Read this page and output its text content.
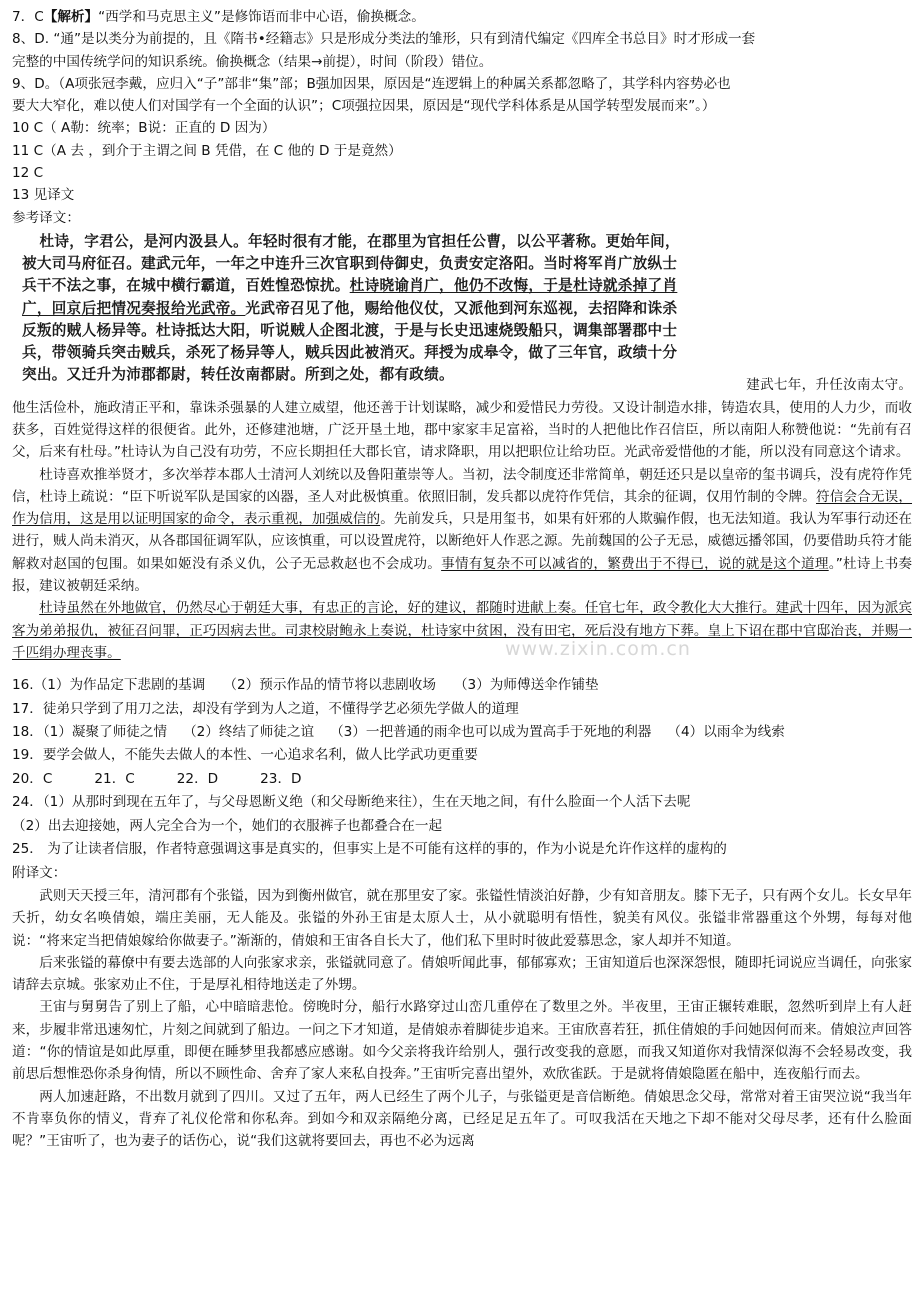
7．C【解析】“西学和马克思主义”是修饰语而非中心语，偷换概念。
8、D. “通”是以类分为前提的，且《隋书•经籍志》只是形成分类法的雏形，只有到清代编定《四库全书总目》时才形成一套
完整的中国传统学问的知识系统。偷换概念（结果→前提），时间（阶段）错位。
9、D。（A项张冠李戴，应归入“子”部非“集”部；B强加因果，原因是“连逻辑上的种属关系都忽略了，其学科内容势必也
要大大窄化，难以使人们对国学有一个全面的认识”；C项强拉因果，原因是“现代学科体系是从国学转型发展而来”。）
10 C（ A勒：统率；B说：正直的 D 因为）
11 C（A 去 ，到介于主谓之间 B 凭借，在 C 他的 D 于是竟然）
12 C
13 见译文
参考译文：
杜诗，字君公，是河内汲县人。年轻时很有才能，在郡里为官担任公曹，以公平著称。更始年间，被大司马府征召。建武元年，一年之中连升三次官职到侍御史，负责安定洛阳。当时将军肖广放纵士兵干不法之事，在城中横行霸道，百姓惶恐惊扰。杜诗晓谕肖广，他仍不改悔，于是杜诗就杀掉了肖广，回京后把情况奏报给光武帝。光武帝召见了他，赐给他仪仗，又派他到河东巡视，去招降和诛杀反叛的贼人杨异等。杜诗抵达大阳，听说贼人企图北渡，于是与长史迅速烧毁船只，调集部署郡中士兵，带领骑兵突击贼兵，杀死了杨异等人，贼兵因此被消灭。拜授为成皋令，做了三年官，政绩十分突出。又迁升为沛郡都尉，转任汝南都尉。所到之处，都有政绩。
建武七年，升任汝南太守。他生活俭朴，施政清正平和，靠诛杀强暴的人建立威望，他还善于计划谋略，减少和爱惜民力劳役。又设计制造水排，铸造农具，使用的人力少，而收获多，百姓觉得这样的很便省。此外，还修建池塘，广泛开垦土地，郡中家家丰足富裕，当时的人把他比作召信臣，所以南阳人称赞他说：“先前有召父，后来有杜母。”杜诗认为自己没有功劳，不应长期担任大郡长官，请求降职，用以把职位让给功臣。光武帝爱惜他的才能，所以没有同意这个请求。
杜诗喜欢推举贤才，多次举荐本郡人士清河人刘统以及鲁阳董崇等人。当初，法令制度还非常简单，朝廷还只是以皇帝的玺书调兵，没有虎符作凭信，杜诗上疏说：“臣下听说军队是国家的凶器，圣人对此极慎重。依照旧制，发兵都以虎符作凭信，其余的征调，仅用竹制的令牌。符信会合无误，作为信用，这是用以证明国家的命令，表示重视，加强威信的。先前发兵，只是用玺书，如果有奸邪的人欺骗作假，也无法知道。我认为军事行动还在进行，贼人尚未消灭，从各郡国征调军队，应该慎重，可以设置虎符，以断绝奸人作恶之源。先前魏国的公子无忌，威德远播邻国，仍要借助兵符才能解救对赵国的包围。如果如姬没有杀义仇，公子无忌救赵也不会成功。事情有复杂不可以减省的，繁费出于不得已，说的就是这个道理。”杜诗上书奏报，建议被朝廷采纳。
杜诗虽然在外地做官，仍然尽心于朝廷大事，有忠正的言论，好的建议，都随时进献上奏。任官七年，政令教化大大推行。建武十四年，因为派宾客为弟弟报仇，被征召问罪，正巧因病去世。司隶校尉鲍永上奏说，杜诗家中贫困，没有田宅，死后没有地方下葬。皇上下诏在郡中官邸治丧，并赐一千匹绢办理丧事。	www.zixin.com.cn
16.（1）为作品定下悲剧的基调 （2）预示作品的情节将以悲剧收场 （3）为师傅送伞作铺垫
17．徒弟只学到了用刀之法，却没有学到为人之道，不懂得学艺必须先学做人的道理
18．（1）凝聚了师徒之情 （2）终结了师徒之谊 （3）一把普通的雨伞也可以成为置高手于死地的利器 （4）以雨伞为线索
19．要学会做人，不能失去做人的本性、一心追求名利，做人比学武功更重要
20．C	21．C	22．D	23．D
24．（1）从那时到现在五年了，与父母恩断义绝（和父母断绝来往），生在天地之间，有什么脸面一个人活下去呢
（2）出去迎接她，两人完全合为一个，她们的衣服裤子也都叠合在一起
25． 为了让读者信服，作者特意强调这事是真实的，但事实上是不可能有这样的事的，作为小说是允许作这样的虚构的
附译文：
武则天天授三年，清河郡有个张镒，因为到衡州做官，就在那里安了家。张镒性情淡泊好静，少有知音朋友。膝下无子，只有两个女儿。长女早年夭折，幼女名唤倩娘，端庄美丽，无人能及。张镒的外孙王宙是太原人士，从小就聪明有悟性，貌美有风仪。张镒非常器重这个外甥，每每对他说：“将来定当把倩娘嫁给你做妻子。”渐渐的，倩娘和王宙各自长大了，他们私下里时时彼此爱慕思念，家人却并不知道。
后来张镒的幕僚中有要去选部的人向张家求亲，张镒就同意了。倩娘听闻此事，郁郁寡欢；王宙知道后也深深怨恨，随即托词说应当调任，向张家请辞去京城。张家劝止不住，于是厚礼相待地送走了外甥。
王宙与舅舅告了别上了船，心中暗暗悲怆。傍晚时分，船行水路穿过山峦几重停在了数里之外。半夜里，王宙正辗转难眠，忽然听到岸上有人赶来，步履非常迅速匆忙，片刻之间就到了船边。一问之下才知道，是倩娘赤着脚徒步追来。王宙欣喜若狂，抓住倩娘的手问她因何而来。倩娘泣声回答道：“你的情谊是如此厚重，即便在睡梦里我都感应感谢。如今父亲将我许给别人，强行改变我的意愿，而我又知道你对我情深似海不会轻易改变，我前思后想惟恐你杀身徇情，所以不顾性命、舍弃了家人来私自投奔。”王宙听完喜出望外，欢欣雀跃。于是就将倩娘隐匿在船中，连夜船行而去。
两人加速赶路，不出数月就到了四川。又过了五年，两人已经生了两个儿子，与张镒更是音信断绝。倩娘思念父母，常常对着王宙哭泣说“我当年不肯辜负你的情义，背弃了礼仪伦常和你私奔。到如今和双亲隔绝分离，已经足足五年了。可叹我活在天地之下却不能对父母尽孝，还有什么脸面呢？”王宙听了，也为妻子的话伤心，说“我们这就将要回去，再也不必为远离
